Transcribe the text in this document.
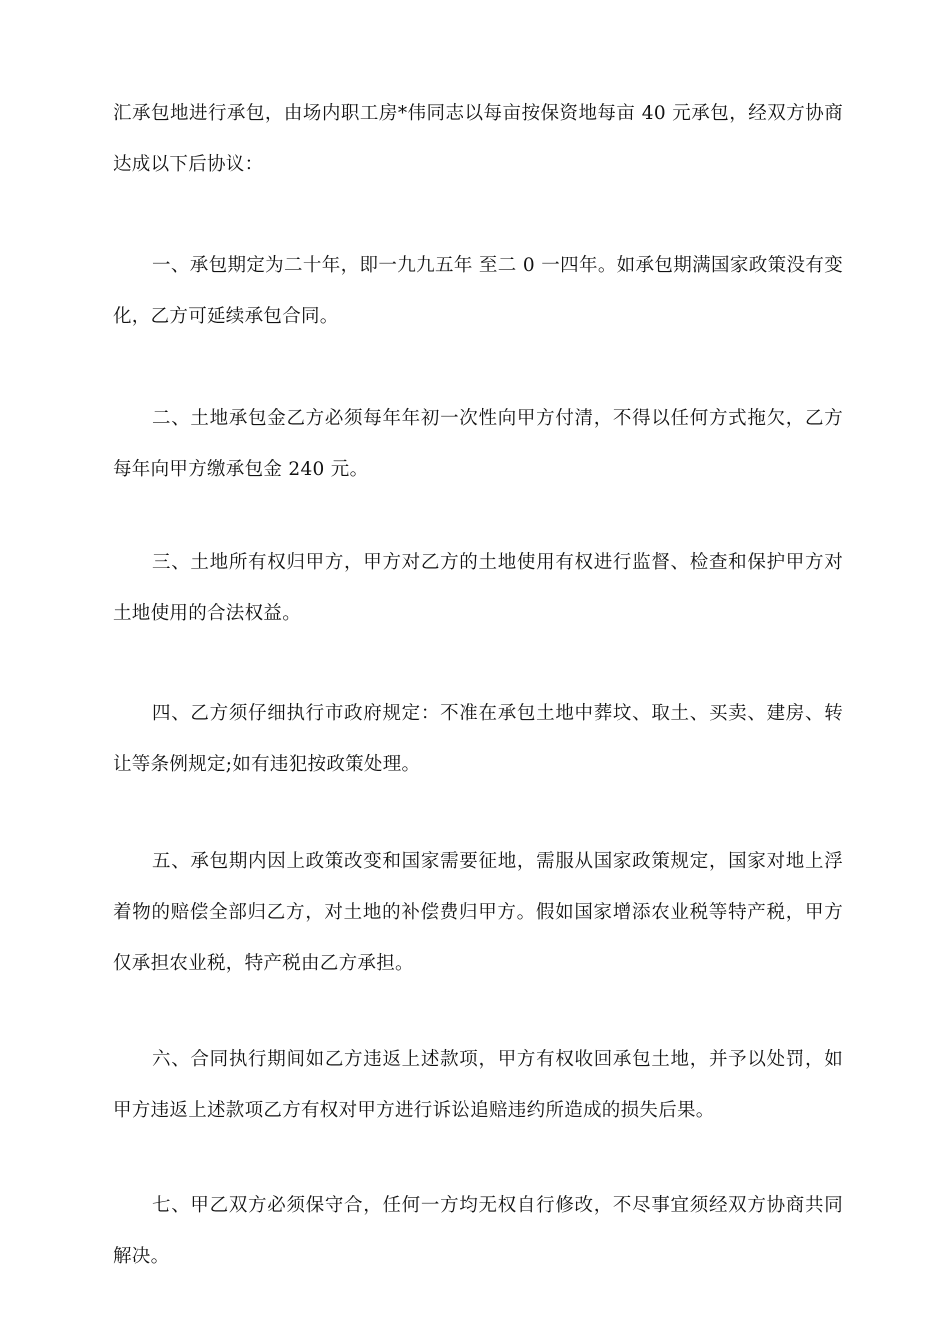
汇承包地进行承包，由场内职工房*伟同志以每亩按保资地每亩 40 元承包，经双方协商达成以下后协议：

一、承包期定为二十年，即一九九五年 至二 0 一四年。如承包期满国家政策没有变化，乙方可延续承包合同。

二、土地承包金乙方必须每年年初一次性向甲方付清，不得以任何方式拖欠，乙方每年向甲方缴承包金 240 元。

三、土地所有权归甲方，甲方对乙方的土地使用有权进行监督、检查和保护甲方对土地使用的合法权益。

四、乙方须仔细执行市政府规定：不准在承包土地中葬坟、取土、买卖、建房、转让等条例规定;如有违犯按政策处理。

五、承包期内因上政策改变和国家需要征地，需服从国家政策规定，国家对地上浮着物的赔偿全部归乙方，对土地的补偿费归甲方。假如国家增添农业税等特产税，甲方仅承担农业税，特产税由乙方承担。

六、合同执行期间如乙方违返上述款项，甲方有权收回承包土地，并予以处罚，如甲方违返上述款项乙方有权对甲方进行诉讼追赔违约所造成的损失后果。

七、甲乙双方必须保守合，任何一方均无权自行修改，不尽事宜须经双方协商共同解决。
